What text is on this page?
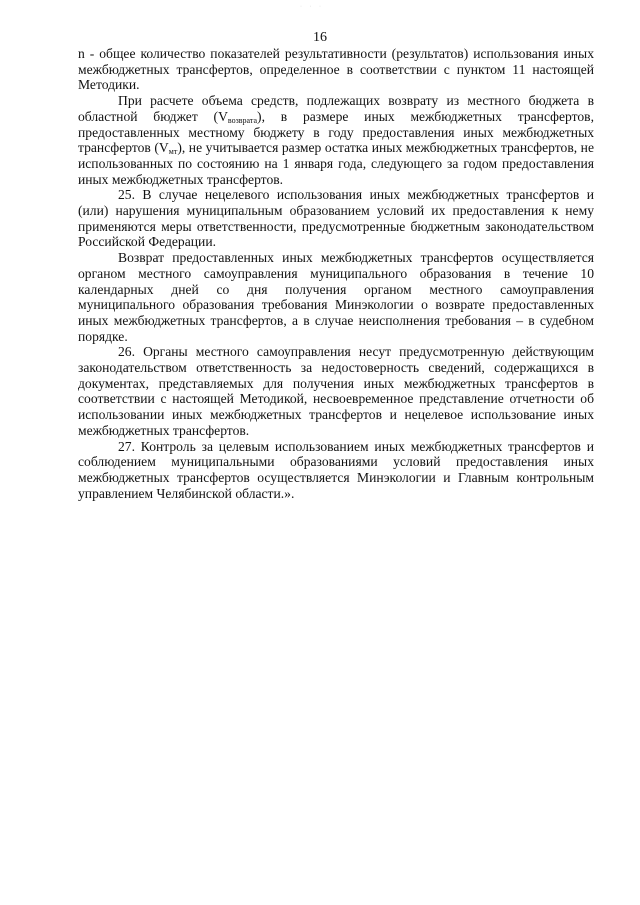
· · ·
16

n - общее количество показателей результативности (результатов) использования иных межбюджетных трансфертов, определенное в соответствии с пунктом 11 настоящей Методики.

При расчете объема средств, подлежащих возврату из местного бюджета в областной бюджет $(V_{возврата})$, в размере иных межбюджетных трансфертов, предоставленных местному бюджету в году предоставления иных межбюджетных трансфертов $(V_{мт})$, не учитывается размер остатка иных межбюджетных трансфертов, не использованных по состоянию на 1 января года, следующего за годом предоставления иных межбюджетных трансфертов.

25. В случае нецелевого использования иных межбюджетных трансфертов и (или) нарушения муниципальным образованием условий их предоставления к нему применяются меры ответственности, предусмотренные бюджетным законодательством Российской Федерации.

Возврат предоставленных иных межбюджетных трансфертов осуществляется органом местного самоуправления муниципального образования в течение 10 календарных дней со дня получения органом местного самоуправления муниципального образования требования Минэкологии о возврате предоставленных иных межбюджетных трансфертов, а в случае неисполнения требования – в судебном порядке.

26. Органы местного самоуправления несут предусмотренную действующим законодательством ответственность за недостоверность сведений, содержащихся в документах, представляемых для получения иных межбюджетных трансфертов в соответствии с настоящей Методикой, несвоевременное представление отчетности об использовании иных межбюджетных трансфертов и нецелевое использование иных межбюджетных трансфертов.

27. Контроль за целевым использованием иных межбюджетных трансфертов и соблюдением муниципальными образованиями условий предоставления иных межбюджетных трансфертов осуществляется Минэкологии и Главным контрольным управлением Челябинской области.».
